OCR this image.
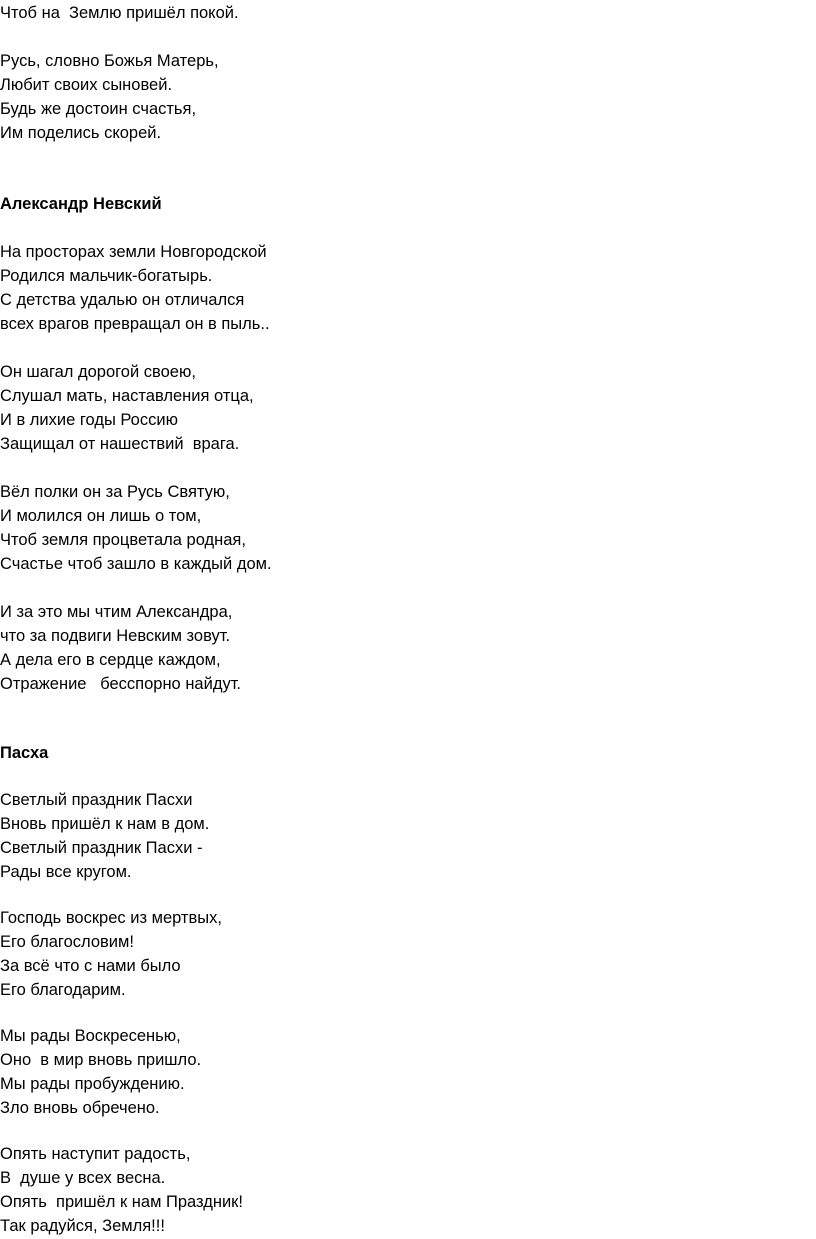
Чтоб на  Землю пришёл покой.

Русь, словно Божья Матерь,

Любит своих сыновей.

Будь же достоин счастья,

Им поделись скорей.

Александр Невский

На просторах земли Новгородской

Родился мальчик-богатырь.

С детства удалью он отличался

всех врагов превращал он в пыль..

Он шагал дорогой своею,

Слушал мать, наставления отца,

И в лихие годы Россию

Защищал от нашествий  врага.

Вёл полки он за Русь Святую,

И молился он лишь о том,

Чтоб земля процветала родная,

Счастье чтоб зашло в каждый дом.

И за это мы чтим Александра,

что за подвиги Невским зовут.

А дела его в сердце каждом,

Отражение   бесспорно найдут.

Пасха

Светлый праздник Пасхи

Вновь пришёл к нам в дом.

Светлый праздник Пасхи -

Рады все кругом.

Господь воскрес из мертвых,

Его благословим!

За всё что с нами было

Его благодарим.

Мы рады Воскресенью,

Оно  в мир вновь пришло.

Мы рады пробуждению.

Зло вновь обречено.

Опять наступит радость,

В  душе у всех весна.

Опять  пришёл к нам Праздник!

Так радуйся, Земля!!!
